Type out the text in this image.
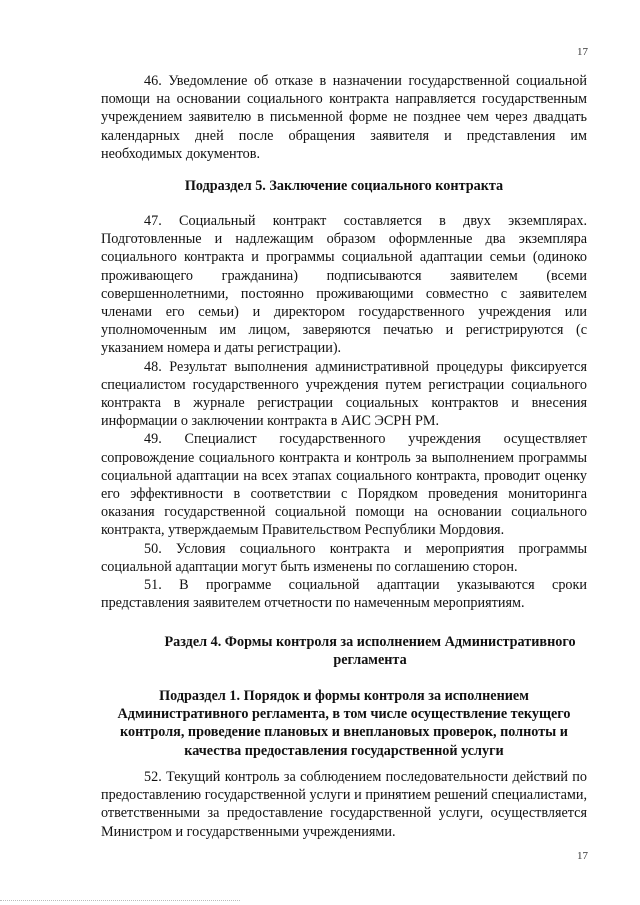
17

46. Уведомление об отказе в назначении государственной социальной помощи на основании социального контракта направляется государственным учреждением заявителю в письменной форме не позднее чем через двадцать календарных дней после обращения заявителя и представления им необходимых документов.

Подраздел 5. Заключение социального контракта

47. Социальный контракт составляется в двух экземплярах. Подготовленные и надлежащим образом оформленные два экземпляра социального контракта и программы социальной адаптации семьи (одиноко проживающего гражданина) подписываются заявителем (всеми совершеннолетними, постоянно проживающими совместно с заявителем членами его семьи) и директором государственного учреждения или уполномоченным им лицом, заверяются печатью и регистрируются (с указанием номера и даты регистрации).

48. Результат выполнения административной процедуры фиксируется специалистом государственного учреждения путем регистрации социального контракта в журнале регистрации социальных контрактов и внесения информации о заключении контракта в АИС ЭСРН РМ.

49. Специалист государственного учреждения осуществляет сопровождение социального контракта и контроль за выполнением программы социальной адаптации на всех этапах социального контракта, проводит оценку его эффективности в соответствии с Порядком проведения мониторинга оказания государственной социальной помощи на основании социального контракта, утверждаемым Правительством Республики Мордовия.

50. Условия социального контракта и мероприятия программы социальной адаптации могут быть изменены по соглашению сторон.

51. В программе социальной адаптации указываются сроки представления заявителем отчетности по намеченным мероприятиям.

Раздел 4. Формы контроля за исполнением Административного регламента

Подраздел 1. Порядок и формы контроля за исполнением Административного регламента, в том числе осуществление текущего контроля, проведение плановых и внеплановых проверок, полноты и качества предоставления государственной услуги

52. Текущий контроль за соблюдением последовательности действий по предоставлению государственной услуги и принятием решений специалистами, ответственными за предоставление государственной услуги, осуществляется Министром и государственными учреждениями.

17
